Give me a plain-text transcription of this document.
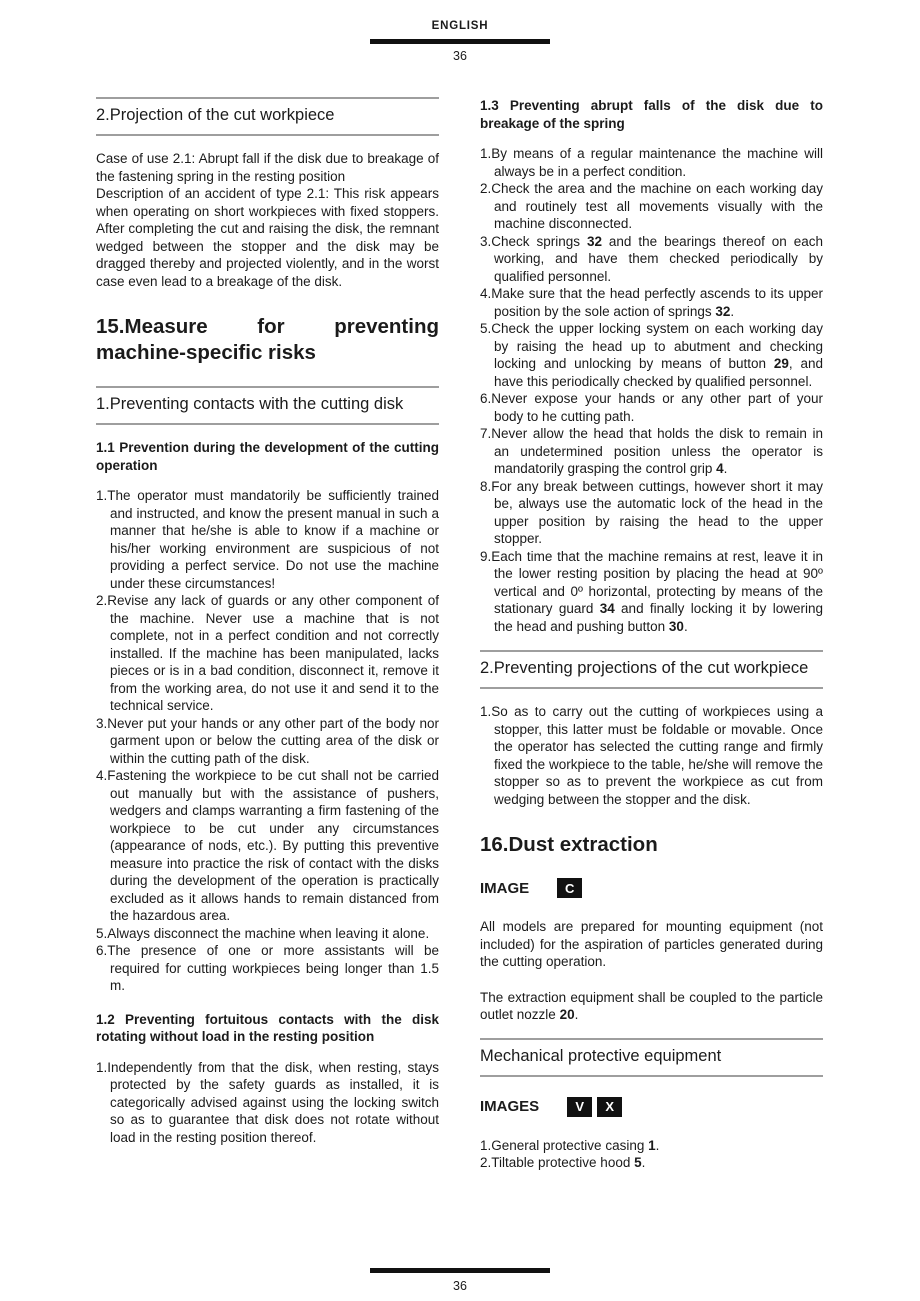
ENGLISH
36
2.Projection of the cut workpiece

Case of use 2.1: Abrupt fall if the disk due to breakage of the fastening spring in the resting position

Description of an accident of type 2.1: This risk appears when operating on short workpieces with fixed stoppers. After completing the cut and raising the disk, the remnant wedged between the stopper and the disk may be dragged thereby and projected violently, and in the worst case even lead to a breakage of the disk.

15.Measure for preventing machine-specific risks
1.Preventing contacts with the cutting disk

1.1 Prevention during the development of the cutting operation

1.The operator must mandatorily be sufficiently trained and instructed, and know the present manual in such a manner that he/she is able to know if a machine or his/her working environment are suspicious of not providing a perfect service. Do not use the machine under these circumstances!

2.Revise any lack of guards or any other component of the machine. Never use a machine that is not complete, not in a perfect condition and not correctly installed. If the machine has been manipulated, lacks pieces or is in a bad condition, disconnect it, remove it from the working area, do not use it and send it to the technical service.

3.Never put your hands or any other part of the body nor garment upon or below the cutting area of the disk or within the cutting path of the disk.

4.Fastening the workpiece to be cut shall not be carried out manually but with the assistance of pushers, wedgers and clamps warranting a firm fastening of the workpiece to be cut under any circumstances (appearance of nods, etc.). By putting this preventive measure into practice the risk of contact with the disks during the development of the operation is practically excluded as it allows hands to remain distanced from the hazardous area.

5.Always disconnect the machine when leaving it alone.

6.The presence of one or more assistants will be required for cutting workpieces being longer than 1.5 m.

1.2 Preventing fortuitous contacts with the disk rotating without load in the resting position

1.Independently from that the disk, when resting, stays protected by the safety guards as installed, it is categorically advised against using the locking switch so as to guarantee that disk does not rotate without load in the resting position thereof.

1.3 Preventing abrupt falls of the disk due to breakage of the spring

1.By means of a regular maintenance the machine will always be in a perfect condition.

2.Check the area and the machine on each working day and routinely test all movements visually with the machine disconnected.

3.Check springs 32 and the bearings thereof on each working, and have them checked periodically by qualified personnel.

4.Make sure that the head perfectly ascends to its upper position by the sole action of springs 32.

5.Check the upper locking system on each working day by raising the head up to abutment and checking locking and unlocking by means of button 29, and have this periodically checked by qualified personnel.

6.Never expose your hands or any other part of your body to he cutting path.

7.Never allow the head that holds the disk to remain in an undetermined position unless the operator is mandatorily grasping the control grip 4.

8.For any break between cuttings, however short it may be, always use the automatic lock of the head in the upper position by raising the head to the upper stopper.

9.Each time that the machine remains at rest, leave it in the lower resting position by placing the head at 90º vertical and 0º horizontal, protecting by means of the stationary guard 34 and finally locking it by lowering the head and pushing button 30.

2.Preventing projections of the cut workpiece

1.So as to carry out the cutting of workpieces using a stopper, this latter must be foldable or movable. Once the operator has selected the cutting range and firmly fixed the workpiece to the table, he/she will remove the stopper so as to prevent the workpiece as cut from wedging between the stopper and the disk.

16.Dust extraction
IMAGE	C

All models are prepared for mounting equipment (not included) for the aspiration of particles generated during the cutting operation.

The extraction equipment shall be coupled to the particle outlet nozzle 20.

Mechanical protective equipment
IMAGES	V	X

1.General protective casing 1.

2.Tiltable protective hood 5.

36
